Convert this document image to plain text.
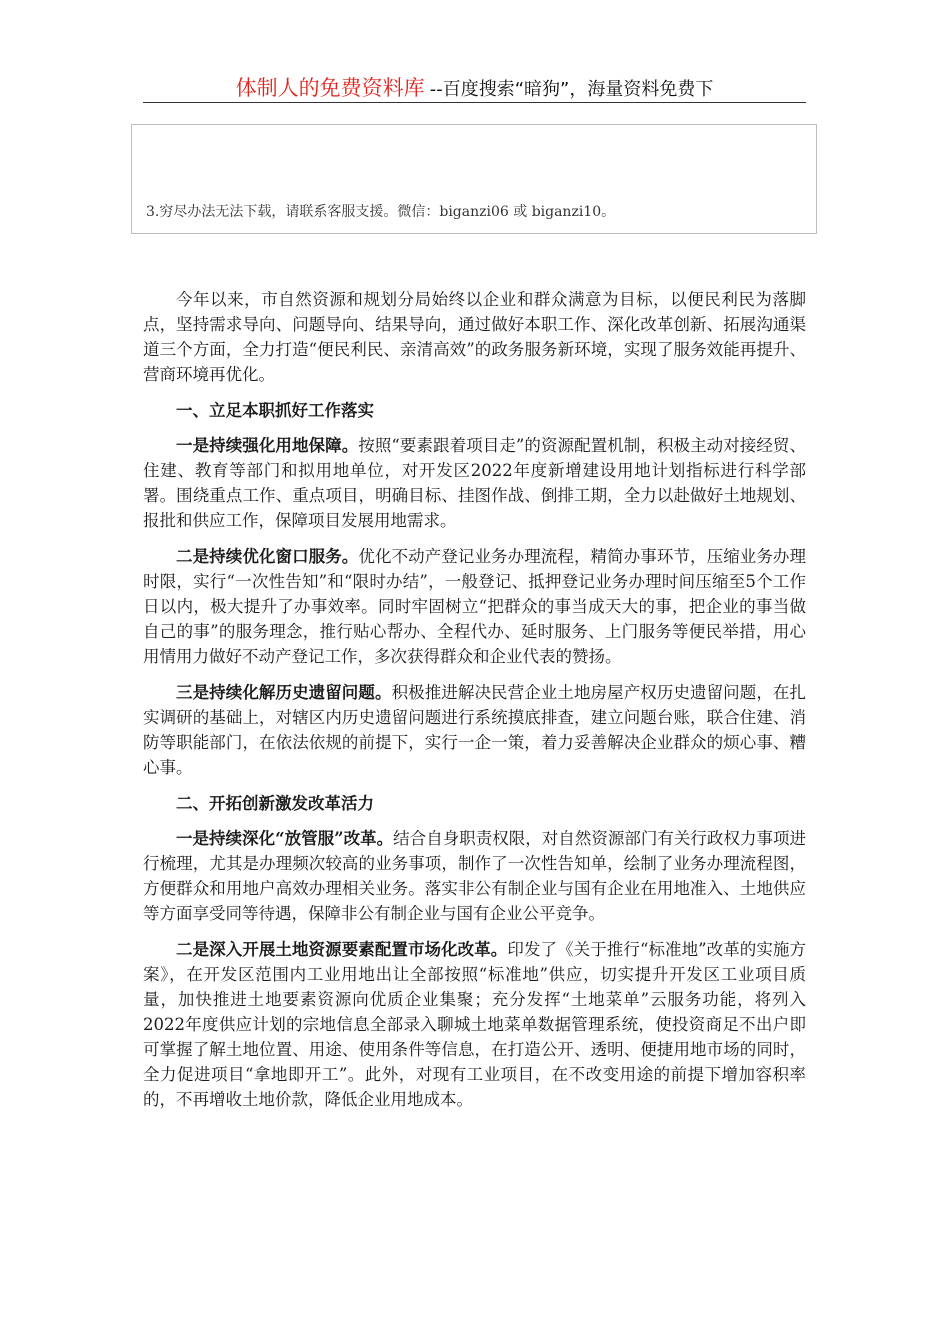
体制人的免费资料库 --百度搜索“暗狗”，海量资料免费下
3.穷尽办法无法下载，请联系客服支援。微信：biganzi06 或 biganzi10。

今年以来，市自然资源和规划分局始终以企业和群众满意为目标，以便民利民为落脚点，坚持需求导向、问题导向、结果导向，通过做好本职工作、深化改革创新、拓展沟通渠道三个方面，全力打造“便民利民、亲清高效”的政务服务新环境，实现了服务效能再提升、营商环境再优化。

一、立足本职抓好工作落实

一是持续强化用地保障。按照“要素跟着项目走”的资源配置机制，积极主动对接经贸、住建、教育等部门和拟用地单位，对开发区2022年度新增建设用地计划指标进行科学部署。围绕重点工作、重点项目，明确目标、挂图作战、倒排工期，全力以赴做好土地规划、报批和供应工作，保障项目发展用地需求。

二是持续优化窗口服务。优化不动产登记业务办理流程，精简办事环节，压缩业务办理时限，实行“一次性告知”和“限时办结”，一般登记、抵押登记业务办理时间压缩至5个工作日以内，极大提升了办事效率。同时牢固树立“把群众的事当成天大的事，把企业的事当做自己的事”的服务理念，推行贴心帮办、全程代办、延时服务、上门服务等便民举措，用心用情用力做好不动产登记工作，多次获得群众和企业代表的赞扬。

三是持续化解历史遗留问题。积极推进解决民营企业土地房屋产权历史遗留问题，在扎实调研的基础上，对辖区内历史遗留问题进行系统摸底排查，建立问题台账，联合住建、消防等职能部门，在依法依规的前提下，实行一企一策，着力妥善解决企业群众的烦心事、糟心事。

二、开拓创新激发改革活力

一是持续深化“放管服”改革。结合自身职责权限，对自然资源部门有关行政权力事项进行梳理，尤其是办理频次较高的业务事项，制作了一次性告知单，绘制了业务办理流程图，方便群众和用地户高效办理相关业务。落实非公有制企业与国有企业在用地准入、土地供应等方面享受同等待遇，保障非公有制企业与国有企业公平竞争。

二是深入开展土地资源要素配置市场化改革。印发了《关于推行“标准地”改革的实施方案》，在开发区范围内工业用地出让全部按照“标准地”供应，切实提升开发区工业项目质量，加快推进土地要素资源向优质企业集聚；充分发挥“土地菜单”云服务功能，将列入2022年度供应计划的宗地信息全部录入聊城土地菜单数据管理系统，使投资商足不出户即可掌握了解土地位置、用途、使用条件等信息，在打造公开、透明、便捷用地市场的同时，全力促进项目“拿地即开工”。此外，对现有工业项目，在不改变用途的前提下增加容积率的，不再增收土地价款，降低企业用地成本。
